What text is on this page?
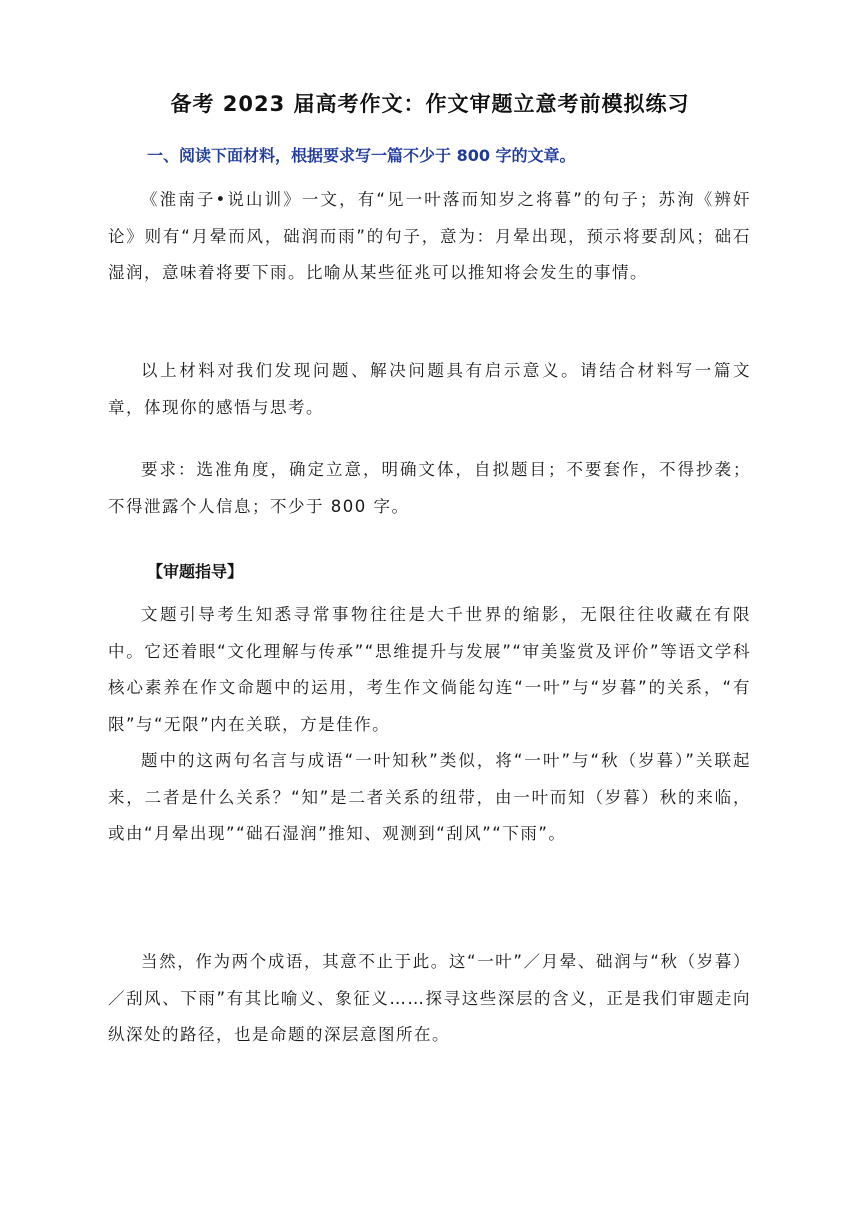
备考 2023 届高考作文：作文审题立意考前模拟练习

一、阅读下面材料，根据要求写一篇不少于 800 字的文章。

《淮南子•说山训》一文，有“见一叶落而知岁之将暮”的句子；苏洵《辨奸论》则有“月晕而风，础润而雨”的句子，意为：月晕出现，预示将要刮风；础石湿润，意味着将要下雨。比喻从某些征兆可以推知将会发生的事情。

以上材料对我们发现问题、解决问题具有启示意义。请结合材料写一篇文章，体现你的感悟与思考。

要求：选准角度，确定立意，明确文体，自拟题目；不要套作，不得抄袭；不得泄露个人信息；不少于 800 字。

【审题指导】

文题引导考生知悉寻常事物往往是大千世界的缩影，无限往往收藏在有限中。它还着眼“文化理解与传承”“思维提升与发展”“审美鉴赏及评价”等语文学科核心素养在作文命题中的运用，考生作文倘能勾连“一叶”与“岁暮”的关系，“有限”与“无限”内在关联，方是佳作。

题中的这两句名言与成语“一叶知秋”类似，将“一叶”与“秋（岁暮）”关联起来，二者是什么关系？“知”是二者关系的纽带，由一叶而知（岁暮）秋的来临，或由“月晕出现”“础石湿润”推知、观测到“刮风”“下雨”。

当然，作为两个成语，其意不止于此。这“一叶”／月晕、础润与“秋（岁暮）／刮风、下雨”有其比喻义、象征义……探寻这些深层的含义，正是我们审题走向纵深处的路径，也是命题的深层意图所在。
